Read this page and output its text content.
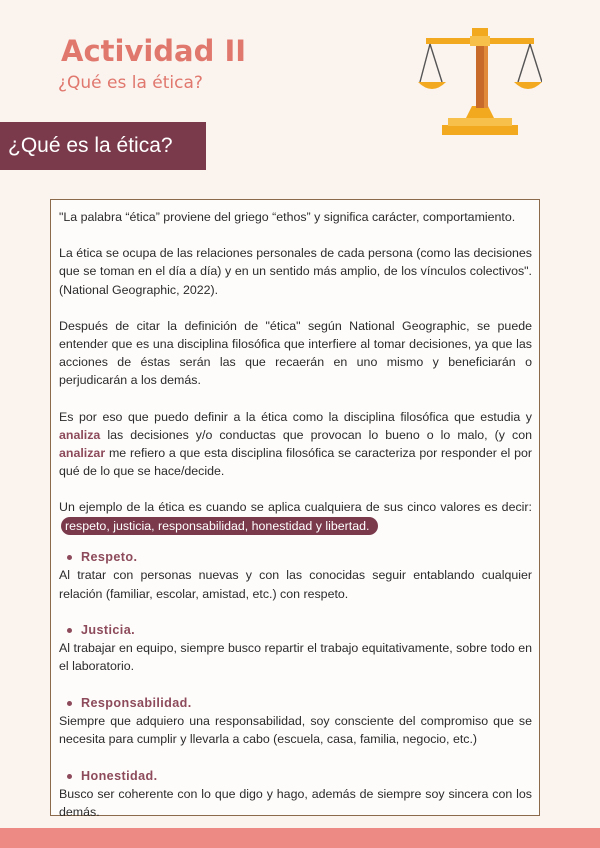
Actividad II
¿Qué es la ética?
¿Qué es la ética?

"La palabra “ética” proviene del griego “ethos” y significa carácter, comportamiento.

La ética se ocupa de las relaciones personales de cada persona (como las decisiones que se toman en el día a día) y en un sentido más amplio, de los vínculos colectivos". (National Geographic, 2022).

Después de citar la definición de "ética" según National Geographic, se puede entender que es una disciplina filosófica que interfiere al tomar decisiones, ya que las acciones de éstas serán las que recaerán en uno mismo y beneficiarán o perjudicarán a los demás.

Es por eso que puedo definir a la ética como la disciplina filosófica que estudia y analiza las decisiones y/o conductas que provocan lo bueno o lo malo, (y con analizar me refiero a que esta disciplina filosófica se caracteriza por responder el por qué de lo que se hace/decide.

Un ejemplo de la ética es cuando se aplica cualquiera de sus cinco valores es decir:respeto, justicia, responsabilidad, honestidad y libertad.

Respeto.

Al tratar con personas nuevas y con las conocidas seguir entablando cualquier relación (familiar, escolar, amistad, etc.) con respeto.

Justicia.

Al trabajar en equipo, siempre busco repartir el trabajo equitativamente, sobre todo en el laboratorio.

Responsabilidad.

Siempre que adquiero una responsabilidad, soy consciente del compromiso que se necesita para cumplir y llevarla a cabo (escuela, casa, familia, negocio, etc.)

Honestidad.

Busco ser coherente con lo que digo y hago, además de siempre soy sincera con los demás.
